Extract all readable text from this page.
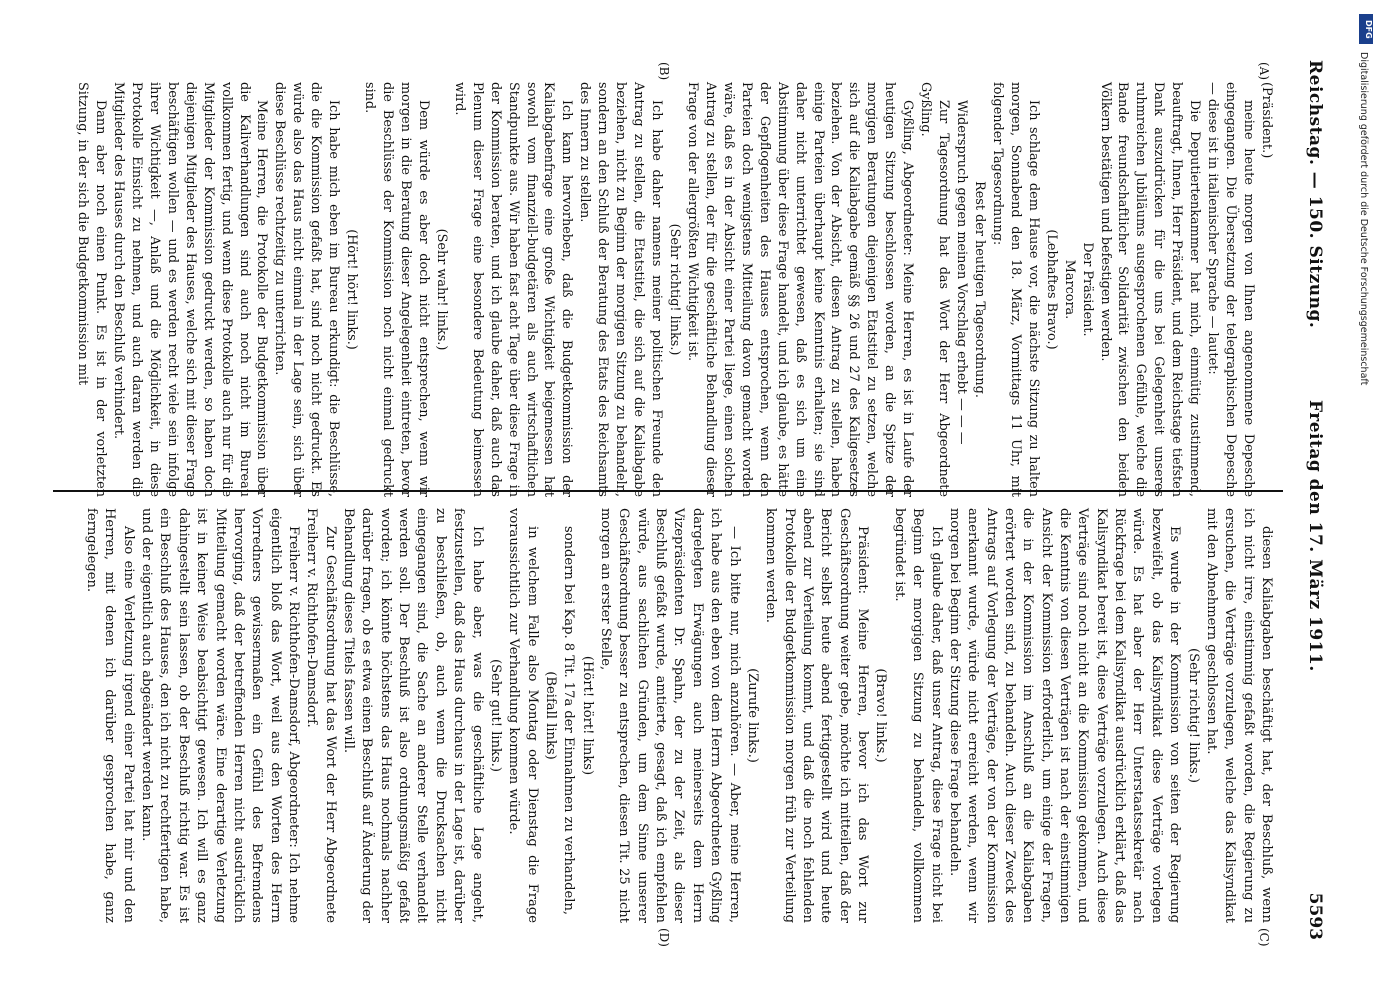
Reichstag. — 150. Sitzung.
Freitag den 17. März 1911.
5593
(A)
(B)
(C)
(D)

(Präsident.)

meine heute morgen von Ihnen angenommene Depesche eingegangen. Die Übersetzung der telegraphischen Depesche — diese ist in italienischer Sprache — lautet:

Die Deputiertenkammer hat mich, einmütig zustimmend, beauftragt, Ihnen, Herr Präsident, und dem Reichstage tiefsten Dank auszudrücken für die uns bei Gelegenheit unseres ruhmreichen Jubiläums ausgesprochenen Gefühle, welche die Bande freundschaftlicher Solidarität zwischen den beiden Völkern bestätigen und befestigen werden.

Der Präsident.

Marcora.

(Lebhaftes Bravo.)

Ich schlage dem Hause vor, die nächste Sitzung zu halten morgen, Sonnabend den 18. März, Vormittags 11 Uhr, mit folgender Tagesordnung:

Rest der heutigen Tagesordnung.

Widerspruch gegen meinen Vorschlag erhebt — — —

Zur Tagesordnung hat das Wort der Herr Abgeordnete Gyßling.

Gyßling, Abgeordneter: Meine Herren, es ist in Laufe der heutigen Sitzung beschlossen worden, an die Spitze der morgigen Beratungen diejenigen Etatstitel zu setzen, welche sich auf die Kaliabgabe gemäß §§ 26 und 27 des Kaligesetzes beziehen. Von der Absicht, diesen Antrag zu stellen, haben einige Parteien überhaupt keine Kenntnis erhalten; sie sind daher nicht unterrichtet gewesen, daß es sich um eine Abstimmung über diese Frage handelt, und ich glaube, es hätte der Gepflogenheiten des Hauses entsprochen, wenn den Parteien doch wenigstens Mitteilung davon gemacht worden wäre, daß es in der Absicht einer Partei liege, einen solchen Antrag zu stellen, der für die geschäftliche Behandlung dieser Frage von der allergrößten Wichtigkeit ist.

(Sehr richtig! links.)

Ich habe daher namens meiner politischen Freunde den Antrag zu stellen, die Etatstitel, die sich auf die Kaliabgabe beziehen, nicht zu Beginn der morgigen Sitzung zu behandeln, sondern an den Schluß der Beratung des Etats des Reichsamts des Innern zu stellen.

Ich kann hervorheben, daß die Budgetkommission der Kaliabgabenfrage eine große Wichtigkeit beigemessen hat sowohl vom finanziell-budgetären als auch wirtschaftlichen Standpunkte aus. Wir haben fast acht Tage über diese Frage in der Kommission beraten, und ich glaube daher, daß auch das Plenum dieser Frage eine besondere Bedeutung beimessen wird.

(Sehr wahr! links.)

Dem würde es aber doch nicht entsprechen, wenn wir morgen in die Beratung dieser Angelegenheit eintreten, bevor die Beschlüsse der Kommission noch nicht einmal gedruckt sind.

(Hört! hört! links.)

Ich habe mich eben im Bureau erkundigt: die Beschlüsse, die die Kommission gefaßt hat, sind noch nicht gedruckt. Es würde also das Haus nicht einmal in der Lage sein, sich über diese Beschlüsse rechtzeitig zu unterrichten.

Meine Herren, die Protokolle der Budgetkommission über die Kaliverhandlungen sind auch noch nicht im Bureau vollkommen fertig, und wenn diese Protokolle auch nur für die Mitglieder der Kommission gedruckt werden, so haben doch diejenigen Mitglieder des Hauses, welche sich mit dieser Frage beschäftigen wollen — und es werden recht viele sein infolge ihrer Wichtigkeit —, Anlaß und die Möglichkeit, in diese Protokolle Einsicht zu nehmen, und auch daran werden die Mitglieder des Hauses durch den Beschluß verhindert.

Dann aber noch einen Punkt. Es ist in der vorletzten Sitzung, in der sich die Budgetkommission mit

diesen Kaliabgaben beschäftigt hat, der Beschluß, wenn ich nicht irre, einstimmig gefaßt worden, die Regierung zu ersuchen, die Verträge vorzulegen, welche das Kalisyndikat mit den Abnehmern geschlossen hat.

(Sehr richtig! links.)

Es wurde in der Kommission von seiten der Regierung bezweifelt, ob das Kalisyndikat diese Verträge vorlegen würde. Es hat aber der Herr Unterstaatssekretär nach Rückfrage bei dem Kalisyndikat ausdrücklich erklärt, daß das Kalisyndikat bereit ist, diese Verträge vorzulegen. Auch diese Verträge sind noch nicht an die Kommission gekommen, und die Kenntnis von diesen Verträgen ist nach der einstimmigen Ansicht der Kommission erforderlich, um einige der Fragen, die in der Kommission im Anschluß an die Kaliabgaben erörtert worden sind, zu behandeln. Auch dieser Zweck des Antrags auf Vorlegung der Verträge, der von der Kommission anerkannt wurde, würde nicht erreicht werden, wenn wir morgen bei Beginn der Sitzung diese Frage behandeln.

Ich glaube daher, daß unser Antrag, diese Frage nicht bei Beginn der morgigen Sitzung zu behandeln, vollkommen begründet ist.

(Bravo! links.)

Präsident: Meine Herren, bevor ich das Wort zur Geschäftsordnung weiter gebe, möchte ich mitteilen, daß der Bericht selbst heute abend fertiggestellt wird und heute abend zur Verteilung kommt, und daß die noch fehlenden Protokolle der Budgetkommission morgen früh zur Verteilung kommen werden.

(Zurufe links.)

— Ich bitte nur, mich anzuhören. — Aber, meine Herren, ich habe aus den eben von dem Herrn Abgeordneten Gyßling dargelegten Erwägungen auch meinerseits dem Herrn Vizepräsidenten Dr. Spahn, der zu der Zeit, als dieser Beschluß gefaßt wurde, amtierte, gesagt, daß ich empfehlen würde, aus sachlichen Gründen, um dem Sinne unserer Geschäftsordnung besser zu entsprechen, diesen Tit. 25 nicht morgen an erster Stelle,

(Hört! hört! links)

sondern bei Kap. 8 Tit. 17a der Einnahmen zu verhandeln,

(Beifall links)

in welchem Falle also Montag oder Dienstag die Frage voraussichtlich zur Verhandlung kommen würde.

(Sehr gut! links.)

Ich habe aber, was die geschäftliche Lage angeht, festzustellen, daß das Haus durchaus in der Lage ist, darüber zu beschließen, ob, auch wenn die Drucksachen nicht eingegangen sind, die Sache an anderer Stelle verhandelt werden soll. Der Beschluß ist also ordnungsmäßig gefaßt worden; ich könnte höchstens das Haus nochmals nachher darüber fragen, ob es etwa einen Beschluß auf Änderung der Behandlung dieses Titels fassen will.

Zur Geschäftsordnung hat das Wort der Herr Abgeordnete Freiherr v. Richthofen-Damsdorf.

Freiherr v. Richthofen-Damsdorf, Abgeordneter: Ich nehme eigentlich bloß das Wort, weil aus den Worten des Herrn Vorredners gewissermaßen ein Gefühl des Befremdens hervorging, daß der betreffenden Herren nicht ausdrücklich Mitteilung gemacht worden wäre. Eine derartige Verletzung ist in keiner Weise beabsichtigt gewesen. Ich will es ganz dahingestellt sein lassen, ob der Beschluß richtig war. Es ist ein Beschluß des Hauses, den ich nicht zu rechtfertigen habe, und der eigentlich auch abgeändert werden kann.

Also eine Verletzung irgend einer Partei hat mir und den Herren, mit denen ich darüber gesprochen habe, ganz ferngelegen.

DFG
Digitalisierung gefördert durch die Deutsche Forschungsgemeinschaft
